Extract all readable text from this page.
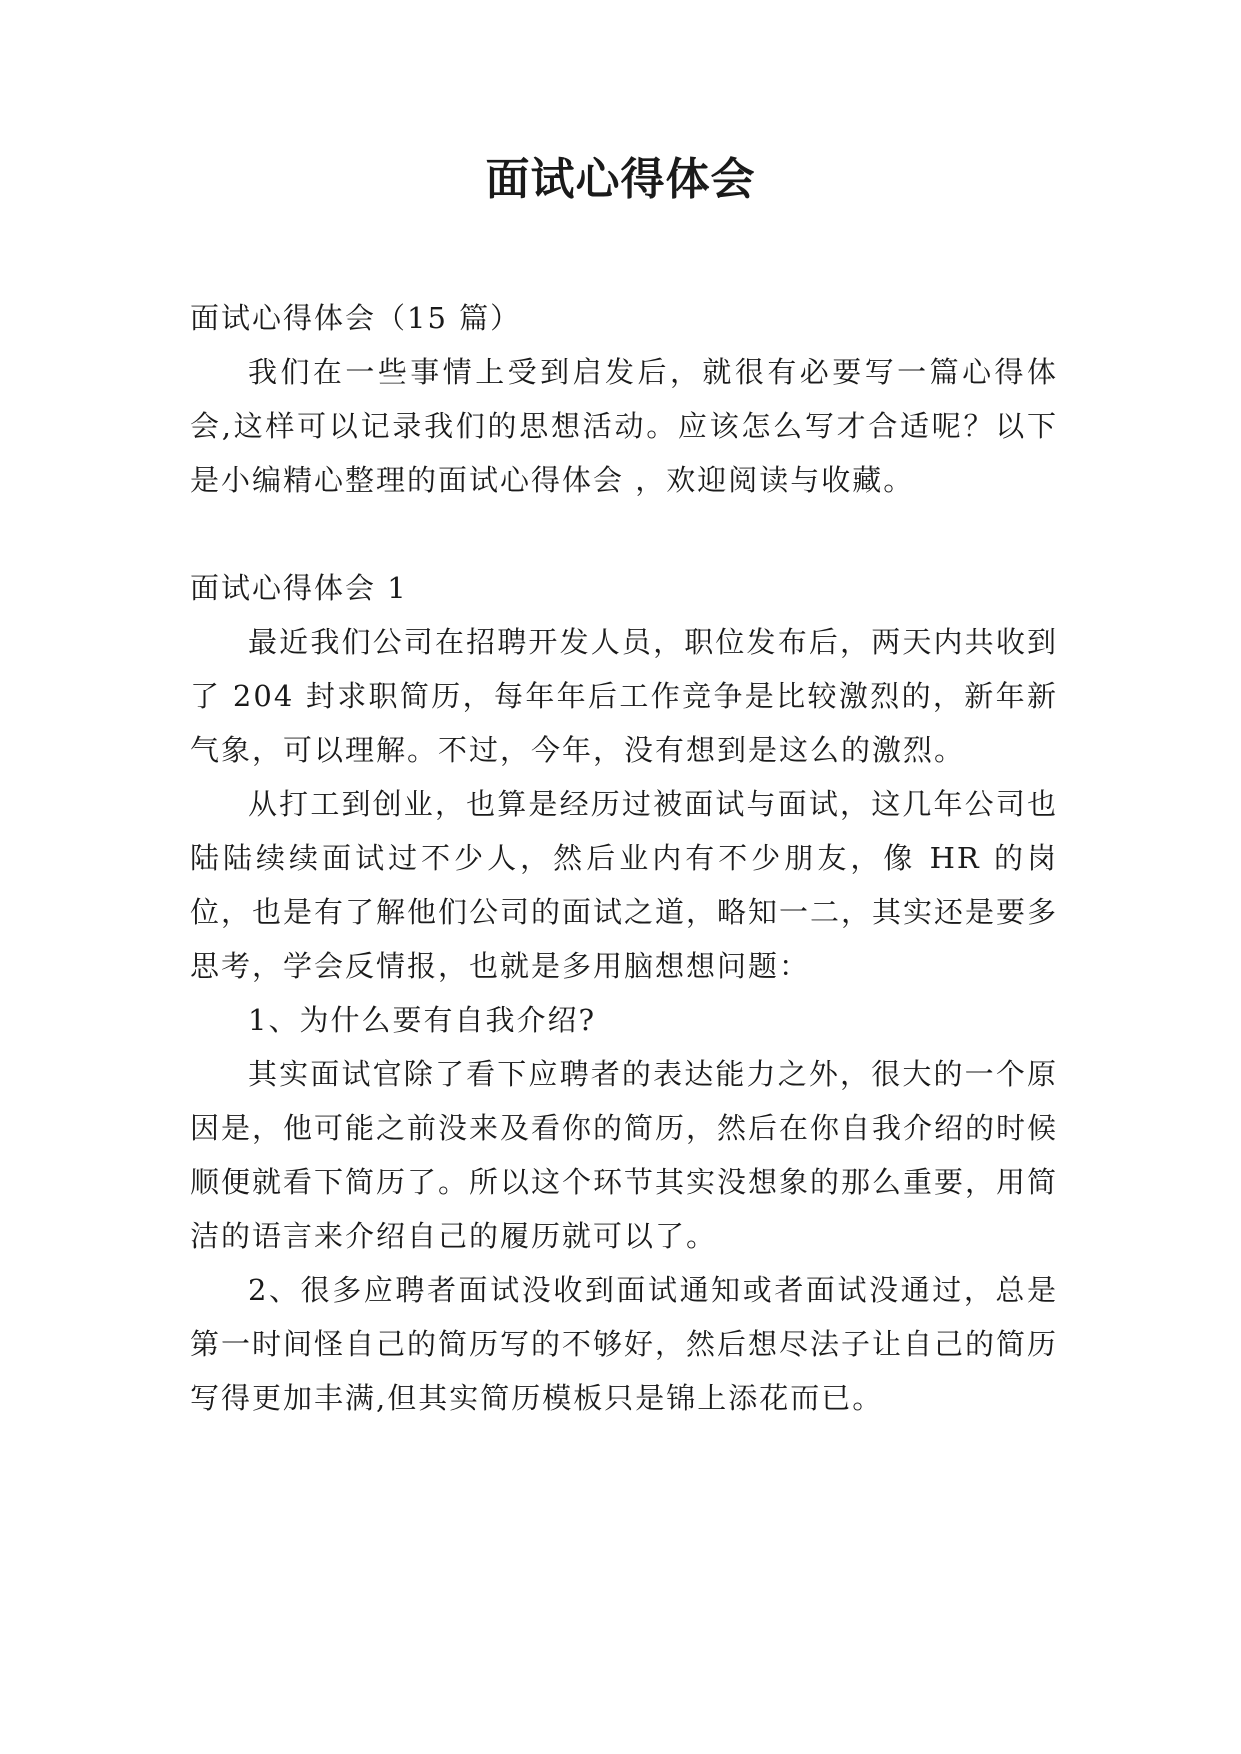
面试心得体会

面试心得体会（15 篇）

我们在一些事情上受到启发后，就很有必要写一篇心得体会,这样可以记录我们的思想活动。应该怎么写才合适呢？以下是小编精心整理的面试心得体会 ，欢迎阅读与收藏。

面试心得体会 1

最近我们公司在招聘开发人员，职位发布后，两天内共收到了 204 封求职简历，每年年后工作竞争是比较激烈的，新年新气象，可以理解。不过，今年，没有想到是这么的激烈。

从打工到创业，也算是经历过被面试与面试，这几年公司也陆陆续续面试过不少人，然后业内有不少朋友，像 HR 的岗位，也是有了解他们公司的面试之道，略知一二，其实还是要多思考，学会反情报，也就是多用脑想想问题：

1、为什么要有自我介绍?

其实面试官除了看下应聘者的表达能力之外，很大的一个原因是，他可能之前没来及看你的简历，然后在你自我介绍的时候顺便就看下简历了。所以这个环节其实没想象的那么重要，用简洁的语言来介绍自己的履历就可以了。

2、很多应聘者面试没收到面试通知或者面试没通过，总是第一时间怪自己的简历写的不够好，然后想尽法子让自己的简历写得更加丰满,但其实简历模板只是锦上添花而已。
